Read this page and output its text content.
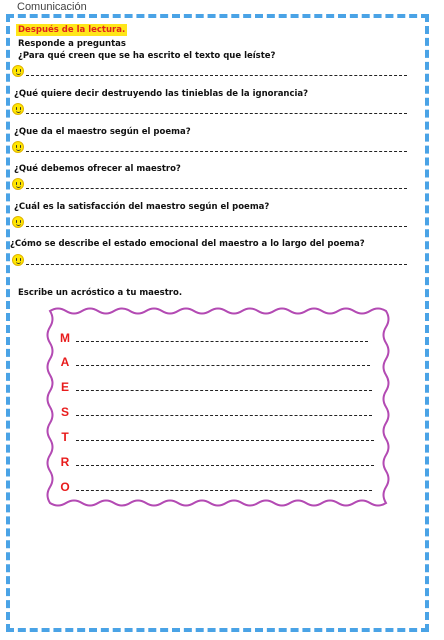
Comunicación
Después de la lectura.
Responde a preguntas
¿Para qué creen que se ha escrito el texto que leíste?
¿Qué quiere decir destruyendo las tinieblas de la ignorancia?
¿Que da el maestro según el poema?
¿Qué debemos ofrecer al maestro?
¿Cuál es la satisfacción del maestro según el poema?
¿Cómo se describe el estado emocional del maestro a lo largo del poema?
Escribe un acróstico a tu maestro.
M
A
E
S
T
R
O
